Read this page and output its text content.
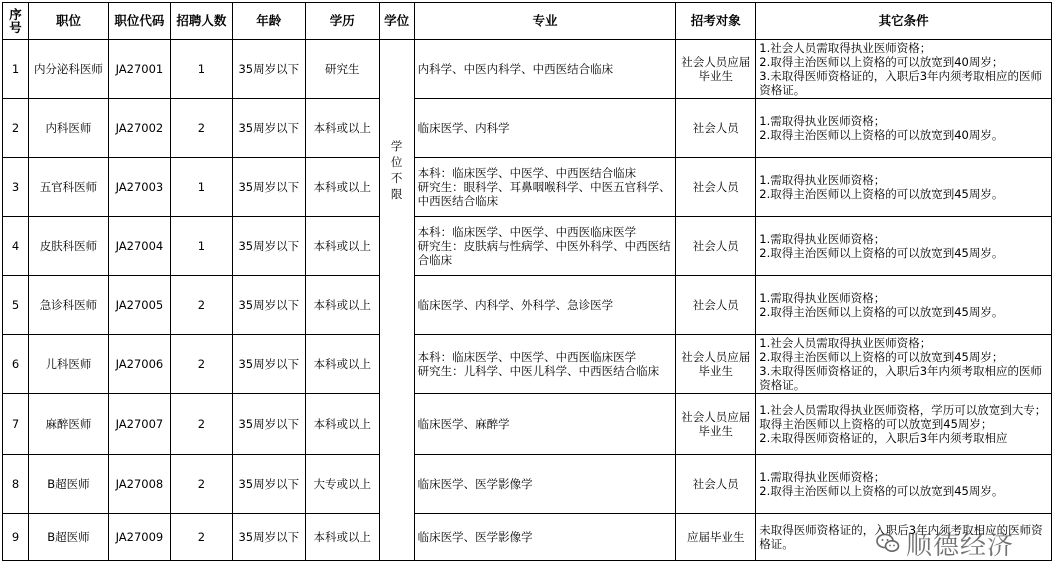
序号	职位	职位代码	招聘人数	年龄	学历	学位	专业	招考对象	其它条件
1	内分泌科医师	JA27001	1	35周岁以下	研究生	学位不限	内科学、中医内科学、中西医结合临床	社会人员应届毕业生	1.社会人员需取得执业医师资格；
2.取得主治医师以上资格的可以放宽到40周岁；
3.未取得医师资格证的，入职后3年内须考取相应的医师资格证。
2	内科医师	JA27002	2	35周岁以下	本科或以上		临床医学、内科学	社会人员	1.需取得执业医师资格；
2.取得主治医师以上资格的可以放宽到40周岁。
3	五官科医师	JA27003	1	35周岁以下	本科或以上		本科：临床医学、中医学、中西医结合临床
研究生：眼科学、耳鼻咽喉科学、中医五官科学、中西医结合临床	社会人员	1.需取得执业医师资格；
2.取得主治医师以上资格的可以放宽到45周岁。
4	皮肤科医师	JA27004	1	35周岁以下	本科或以上		本科：临床医学、中医学、中西医临床医学
研究生：皮肤病与性病学、中医外科学、中西医结合临床	社会人员	1.需取得执业医师资格；
2.取得主治医师以上资格的可以放宽到45周岁。
5	急诊科医师	JA27005	2	35周岁以下	本科或以上		临床医学、内科学、外科学、急诊医学	社会人员	1.需取得执业医师资格；
2.取得主治医师以上资格的可以放宽到45周岁。
6	儿科医师	JA27006	2	35周岁以下	本科或以上		本科：临床医学、中医学、中西医临床医学
研究生：儿科学、中医儿科学、中西医结合临床	社会人员应届毕业生	1.社会人员需取得执业医师资格；
2.取得主治医师以上资格的可以放宽到45周岁；
3.未取得医师资格证的，入职后3年内须考取相应的医师资格证。
7	麻醉医师	JA27007	2	35周岁以下	本科或以上		临床医学、麻醉学	社会人员应届毕业生	1.社会人员需取得执业医师资格，学历可以放宽到大专；取得主治医师以上资格的可以放宽到45周岁；
2.未取得医师资格证的，入职后3年内须考取相应
8	B超医师	JA27008	2	35周岁以下	大专或以上		临床医学、医学影像学	社会人员	1.需取得执业医师资格；
2.取得主治医师以上资格的可以放宽到45周岁。
9	B超医师	JA27009	2	35周岁以下	本科或以上		临床医学、医学影像学	应届毕业生	未取得医师资格证的，入职后3年内须考取相应的医师资格证。	顺德经济
